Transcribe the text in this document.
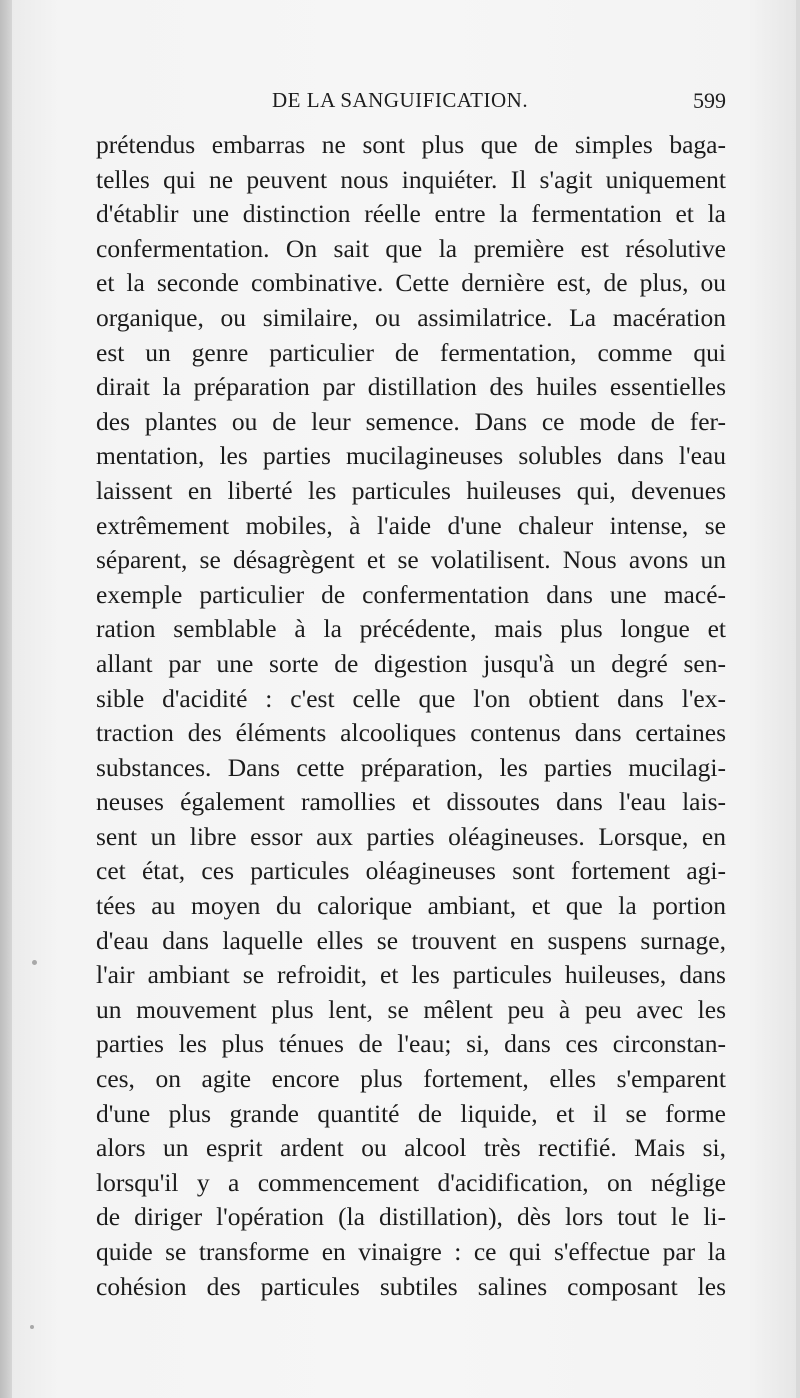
DE LA SANGUIFICATION.	599
prétendus embarras ne sont plus que de simples baga-
telles qui ne peuvent nous inquiéter. Il s'agit uniquement
d'établir une distinction réelle entre la fermentation et la
confermentation. On sait que la première est résolutive
et la seconde combinative. Cette dernière est, de plus, ou
organique, ou similaire, ou assimilatrice. La macération
est un genre particulier de fermentation, comme qui
dirait la préparation par distillation des huiles essentielles
des plantes ou de leur semence. Dans ce mode de fer-
mentation, les parties mucilagineuses solubles dans l'eau
laissent en liberté les particules huileuses qui, devenues
extrêmement mobiles, à l'aide d'une chaleur intense, se
séparent, se désagrègent et se volatilisent. Nous avons un
exemple particulier de confermentation dans une macé-
ration semblable à la précédente, mais plus longue et
allant par une sorte de digestion jusqu'à un degré sen-
sible d'acidité : c'est celle que l'on obtient dans l'ex-
traction des éléments alcooliques contenus dans certaines
substances. Dans cette préparation, les parties mucilagi-
neuses également ramollies et dissoutes dans l'eau lais-
sent un libre essor aux parties oléagineuses. Lorsque, en
cet état, ces particules oléagineuses sont fortement agi-
tées au moyen du calorique ambiant, et que la portion
d'eau dans laquelle elles se trouvent en suspens surnage,
l'air ambiant se refroidit, et les particules huileuses, dans
un mouvement plus lent, se mêlent peu à peu avec les
parties les plus ténues de l'eau; si, dans ces circonstan-
ces, on agite encore plus fortement, elles s'emparent
d'une plus grande quantité de liquide, et il se forme
alors un esprit ardent ou alcool très rectifié. Mais si,
lorsqu'il y a commencement d'acidification, on néglige
de diriger l'opération (la distillation), dès lors tout le li-
quide se transforme en vinaigre : ce qui s'effectue par la
cohésion des particules subtiles salines composant les
